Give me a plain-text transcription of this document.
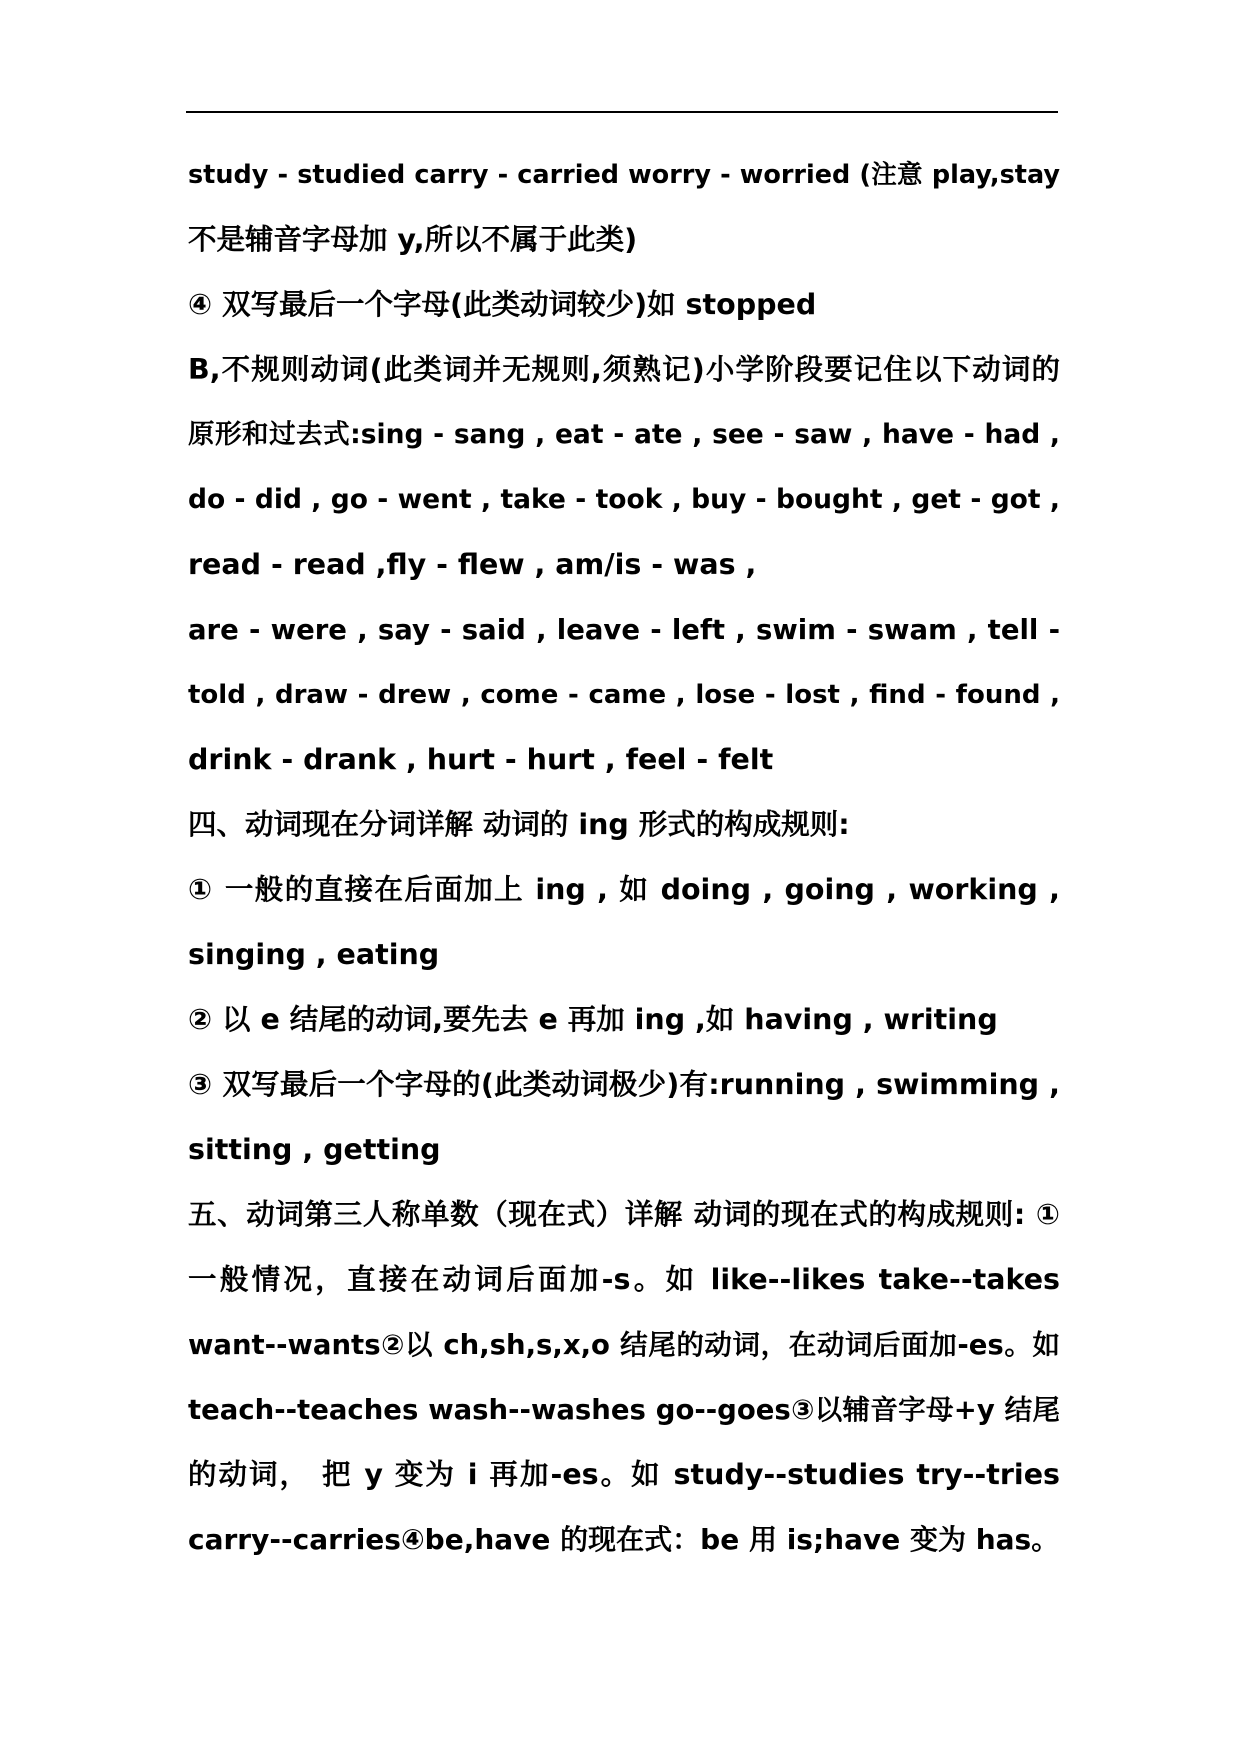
study - studied carry - carried worry - worried (注意 play,stay
不是辅音字母加 y,所以不属于此类)
④ 双写最后一个字母(此类动词较少)如 stopped
B,不规则动词(此类词并无规则,须熟记)小学阶段要记住以下动词的
原形和过去式:sing - sang , eat - ate , see - saw , have - had ,
do - did , go - went , take - took , buy - bought , get - got ,
read - read ,fly - flew , am/is - was ,
are - were , say - said , leave - left , swim - swam , tell -
told , draw - drew , come - came , lose - lost , find - found ,
drink - drank , hurt - hurt , feel - felt
四、动词现在分词详解 动词的 ing 形式的构成规则:
① 一般的直接在后面加上 ing , 如 doing , going , working ,
singing , eating
② 以 e 结尾的动词,要先去 e 再加 ing ,如 having , writing
③ 双写最后一个字母的(此类动词极少)有:running , swimming ,
sitting , getting
五、动词第三人称单数（现在式）详解 动词的现在式的构成规则: ①
一般情况，直接在动词后面加-s。如 like--likes take--takes
want--wants②以 ch,sh,s,x,o 结尾的动词，在动词后面加-es。如
teach--teaches wash--washes go--goes③以辅音字母+y 结尾
的动词， 把 y 变为 i 再加-es。如 study--studies try--tries
carry--carries④be,have 的现在式：be 用 is;have 变为 has。
